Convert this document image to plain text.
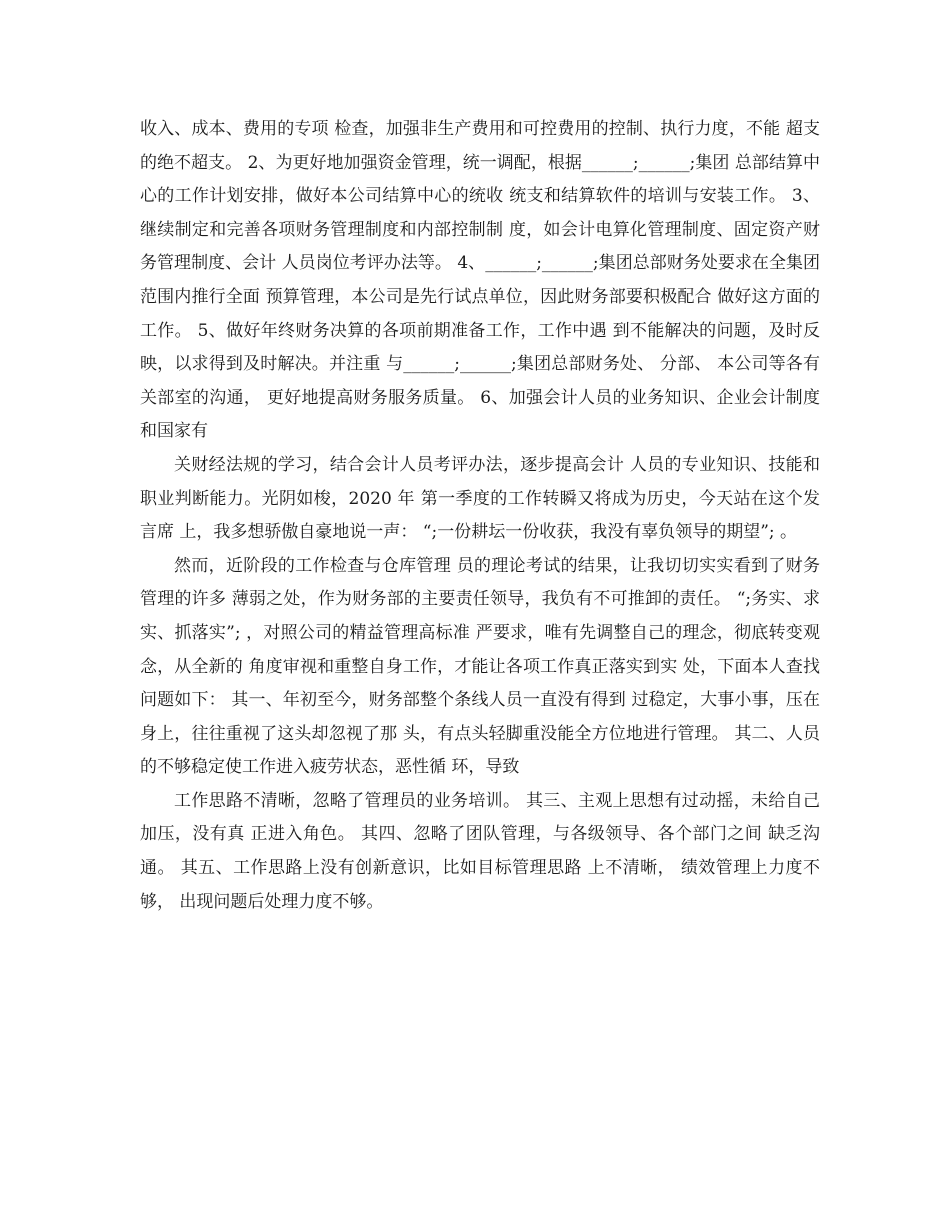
收入、成本、费用的专项 检查，加强非生产费用和可控费用的控制、执行力度，不能 超支的绝不超支。 2、为更好地加强资金管理，统一调配，根据______;______;集团 总部结算中心的工作计划安排，做好本公司结算中心的统收 统支和结算软件的培训与安装工作。 3、继续制定和完善各项财务管理制度和内部控制制 度，如会计电算化管理制度、固定资产财务管理制度、会计 人员岗位考评办法等。 4、______;______;集团总部财务处要求在全集团范围内推行全面 预算管理，本公司是先行试点单位，因此财务部要积极配合 做好这方面的工作。 5、做好年终财务决算的各项前期准备工作，工作中遇 到不能解决的问题，及时反映，以求得到及时解决。并注重 与______;______;集团总部财务处、 分部、 本公司等各有关部室的沟通， 更好地提高财务服务质量。 6、加强会计人员的业务知识、企业会计制度和国家有

关财经法规的学习，结合会计人员考评办法，逐步提高会计 人员的专业知识、技能和职业判断能力。光阴如梭，2020 年 第一季度的工作转瞬又将成为历史，今天站在这个发言席 上，我多想骄傲自豪地说一声： “;一份耕坛一份收获，我没有辜负领导的期望”; 。

然而，近阶段的工作检查与仓库管理 员的理论考试的结果，让我切切实实看到了财务管理的许多 薄弱之处，作为财务部的主要责任领导，我负有不可推卸的责任。 “;务实、求实、抓落实”; ，对照公司的精益管理高标准 严要求，唯有先调整自己的理念，彻底转变观念，从全新的 角度审视和重整自身工作，才能让各项工作真正落实到实 处，下面本人查找问题如下： 其一、年初至今，财务部整个条线人员一直没有得到 过稳定，大事小事，压在身上，往往重视了这头却忽视了那 头，有点头轻脚重没能全方位地进行管理。 其二、人员的不够稳定使工作进入疲劳状态，恶性循 环，导致

工作思路不清晰，忽略了管理员的业务培训。 其三、主观上思想有过动摇，未给自己加压，没有真 正进入角色。 其四、忽略了团队管理，与各级领导、各个部门之间 缺乏沟通。 其五、工作思路上没有创新意识，比如目标管理思路 上不清晰， 绩效管理上力度不够， 出现问题后处理力度不够。
